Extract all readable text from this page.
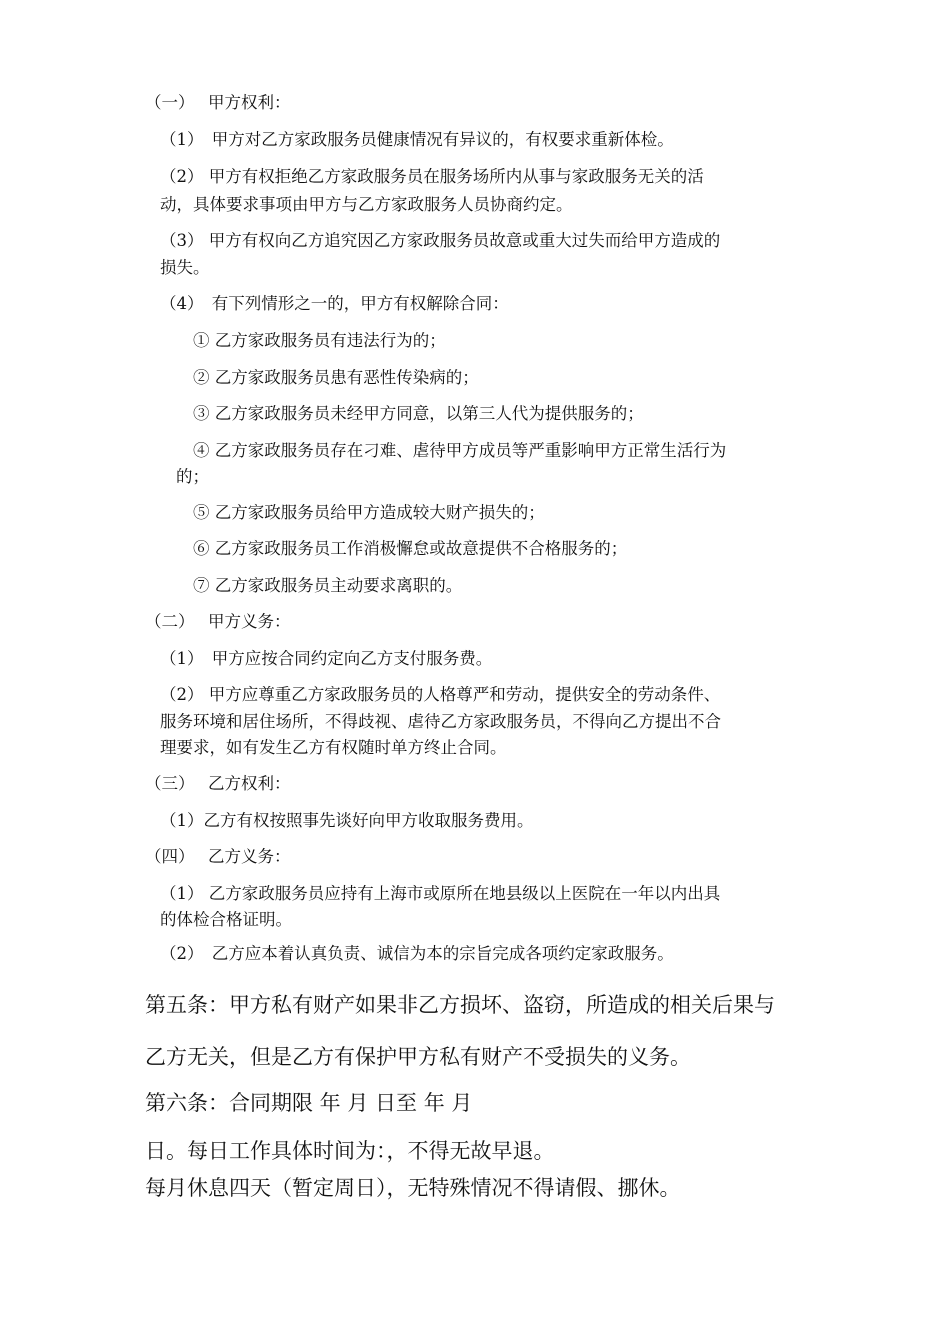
（一）　 甲方权利：

（1）　甲方对乙方家政服务员健康情况有异议的，有权要求重新体检。

（2） 甲方有权拒绝乙方家政服务员在服务场所内从事与家政服务无关的活

动，具体要求事项由甲方与乙方家政服务人员协商约定。

（3） 甲方有权向乙方追究因乙方家政服务员故意或重大过失而给甲方造成的

损失。

（4）　有下列情形之一的，甲方有权解除合同：

① 乙方家政服务员有违法行为的；

② 乙方家政服务员患有恶性传染病的；

③ 乙方家政服务员未经甲方同意，以第三人代为提供服务的；

④ 乙方家政服务员存在刁难、虐待甲方成员等严重影响甲方正常生活行为

的；

⑤ 乙方家政服务员给甲方造成较大财产损失的；

⑥ 乙方家政服务员工作消极懈怠或故意提供不合格服务的；

⑦ 乙方家政服务员主动要求离职的。

（二）　 甲方义务：

（1）　甲方应按合同约定向乙方支付服务费。

（2） 甲方应尊重乙方家政服务员的人格尊严和劳动，提供安全的劳动条件、

服务环境和居住场所，不得歧视、虐待乙方家政服务员，不得向乙方提出不合

理要求，如有发生乙方有权随时单方终止合同。

（三）　 乙方权利：

（1）乙方有权按照事先谈好向甲方收取服务费用。

（四）　 乙方义务：

（1） 乙方家政服务员应持有上海市或原所在地县级以上医院在一年以内出具

的体检合格证明。

（2）　乙方应本着认真负责、诚信为本的宗旨完成各项约定家政服务。

第五条：甲方私有财产如果非乙方损坏、盗窃，所造成的相关后果与

乙方无关，但是乙方有保护甲方私有财产不受损失的义务。

第六条：合同期限 年 月 日至 年 月

日。每日工作具体时间为：，不得无故早退。

每月休息四天（暂定周日），无特殊情况不得请假、挪休。
